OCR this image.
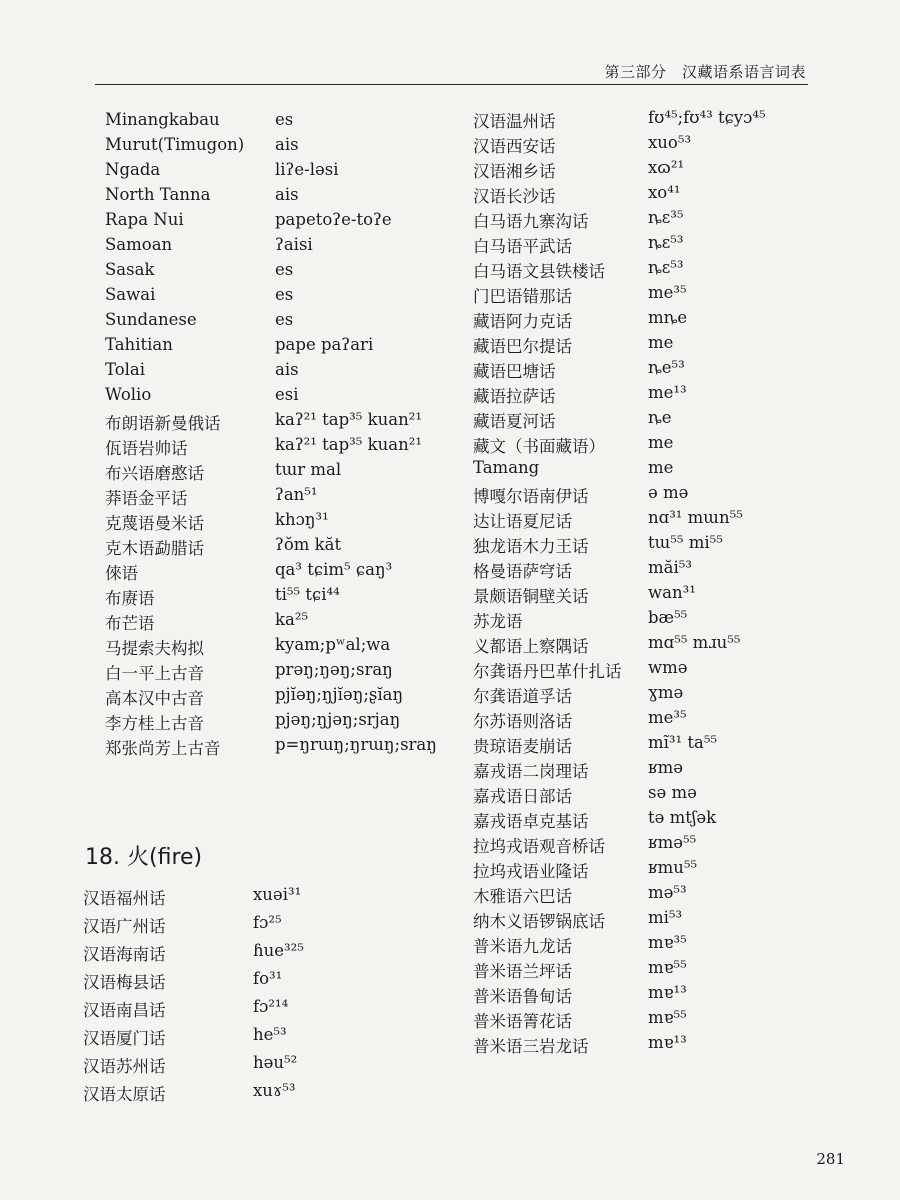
第三部分　汉藏语系语言词表
Minangkabau	es
Murut(Timugon) ais
Ngada	liʔe-ləsi
North Tanna	ais
Rapa Nui	papetoʔe-toʔe
Samoan	ʔaisi
Sasak	es
Sawai	es
Sundanese	es
Tahitian	pape paʔari
Tolai	ais
Wolio	esi
布朗语新曼俄话	kaʔ²¹ tap³⁵ kuan²¹
佤语岩帅话	kaʔ²¹ tap³⁵ kuan²¹
布兴语磨憨话	tɯr mal
莽语金平话	ʔan⁵¹
克蔑语曼米话	khɔŋ³¹
克木语勐腊话	ʔŏm kăt
倈语	qa³ tɕim⁵ ɕaŋ³
布赓语	ti⁵⁵ tɕi⁴⁴
布芒语	ka²⁵
马提索夫构拟	kyam;pʷal;wa
白一平上古音	prəŋ;ŋəŋ;sraŋ
高本汉中古音	pjĭəŋ;ŋjĭəŋ;ʂĭaŋ
李方桂上古音	pjəŋ;ŋjəŋ;srjaŋ
郑张尚芳上古音	p=ŋrɯŋ;ŋrɯŋ;sraŋ
18. 火(fire)
汉语福州话	xuəi³¹
汉语广州话	fɔ²⁵
汉语海南话	ɦue³²⁵
汉语梅县话	fo³¹
汉语南昌话	fɔ²¹⁴
汉语厦门话	he⁵³
汉语苏州话	həu⁵²
汉语太原话	xuɤ⁵³
汉语温州话	fʊ⁴⁵;fʊ⁴³ tɕyɔ⁴⁵
汉语西安话	xuo⁵³
汉语湘乡话	xɷ²¹
汉语长沙话	xo⁴¹
白马语九寨沟话	ȵɛ³⁵
白马语平武话	ȵɛ⁵³
白马语文县铁楼话	ȵɛ⁵³
门巴语错那话	me³⁵
藏语阿力克话	mȵe
藏语巴尔提话	me
藏语巴塘话	ȵe⁵³
藏语拉萨话	me¹³
藏语夏河话	ȵe
藏文（书面藏语）	me
Tamang	me
博嘎尔语南伊话	ə mə
达让语夏尼话	nɑ³¹ mɯn⁵⁵
独龙语木力王话	tɯ⁵⁵ mi⁵⁵
格曼语萨穹话	măi⁵³
景颇语铜壁关话	wan³¹
苏龙语	bæ⁵⁵
义都语上察隅话	mɑ⁵⁵ mɹu⁵⁵
尔龚语丹巴革什扎话 wmə
尔龚语道孚话	ɣmə
尔苏语则洛话	me³⁵
贵琼语麦崩话	mĩ³¹ ta⁵⁵
嘉戎语二岗理话	ʁmə
嘉戎语日部话	sə mə
嘉戎语卓克基话	tə mtʃək
拉坞戎语观音桥话	ʁmə⁵⁵
拉坞戎语业隆话	ʁmu⁵⁵
木雅语六巴话	mə⁵³
纳木义语锣锅底话	mi⁵³
普米语九龙话	mɐ³⁵
普米语兰坪话	mɐ⁵⁵
普米语鲁甸话	mɐ¹³
普米语箐花话	mɐ⁵⁵
普米语三岩龙话	mɐ¹³
281
